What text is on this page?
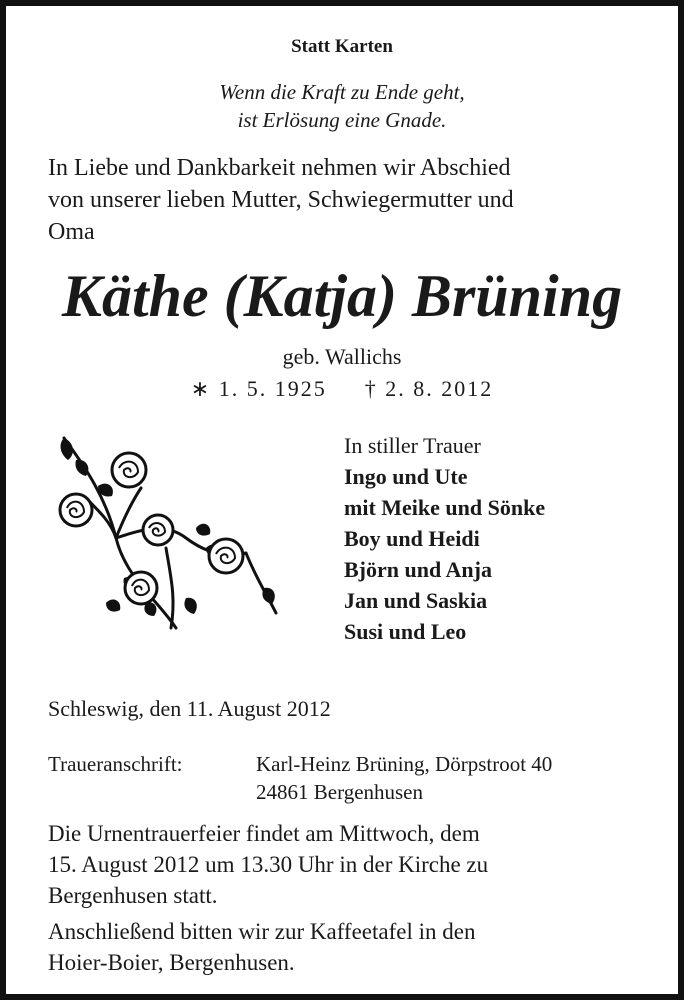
Statt Karten
Wenn die Kraft zu Ende geht,
ist Erlösung eine Gnade.
In Liebe und Dankbarkeit nehmen wir Abschied
von unserer lieben Mutter, Schwiegermutter und
Oma
Käthe (Katja) Brüning
geb. Wallichs
∗ 1. 5. 1925 † 2. 8. 2012
In stiller Trauer
Ingo und Ute
mit Meike und Sönke
Boy und Heidi
Björn und Anja
Jan und Saskia
Susi und Leo
Schleswig, den 11. August 2012
Traueranschrift:	Karl-Heinz Brüning, Dörpstroot 40
24861 Bergenhusen
Die Urnentrauerfeier findet am Mittwoch, dem
15. August 2012 um 13.30 Uhr in der Kirche zu
Bergenhusen statt.
Anschließend bitten wir zur Kaffeetafel in den
Hoier-Boier, Bergenhusen.
